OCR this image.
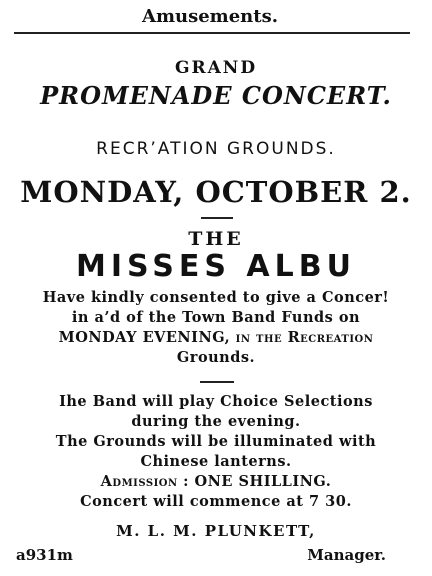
Amusements.
GRAND
PROMENADE CONCERT.
RECR’ATION GROUNDS.
MONDAY, OCTOBER 2.
THE
MISSES ALBU
Have kindly consented to give a Concer!
in a’d of the Town Band Funds on
MONDAY EVENING, in the Recreation
Grounds.
Ihe Band will play Choice Selections
during the evening.
The Grounds will be illuminated with
Chinese lanterns.
Admission : ONE SHILLING.
Concert will commence at 7 30.
M. L. M. PLUNKETT,
a931m	Manager.
